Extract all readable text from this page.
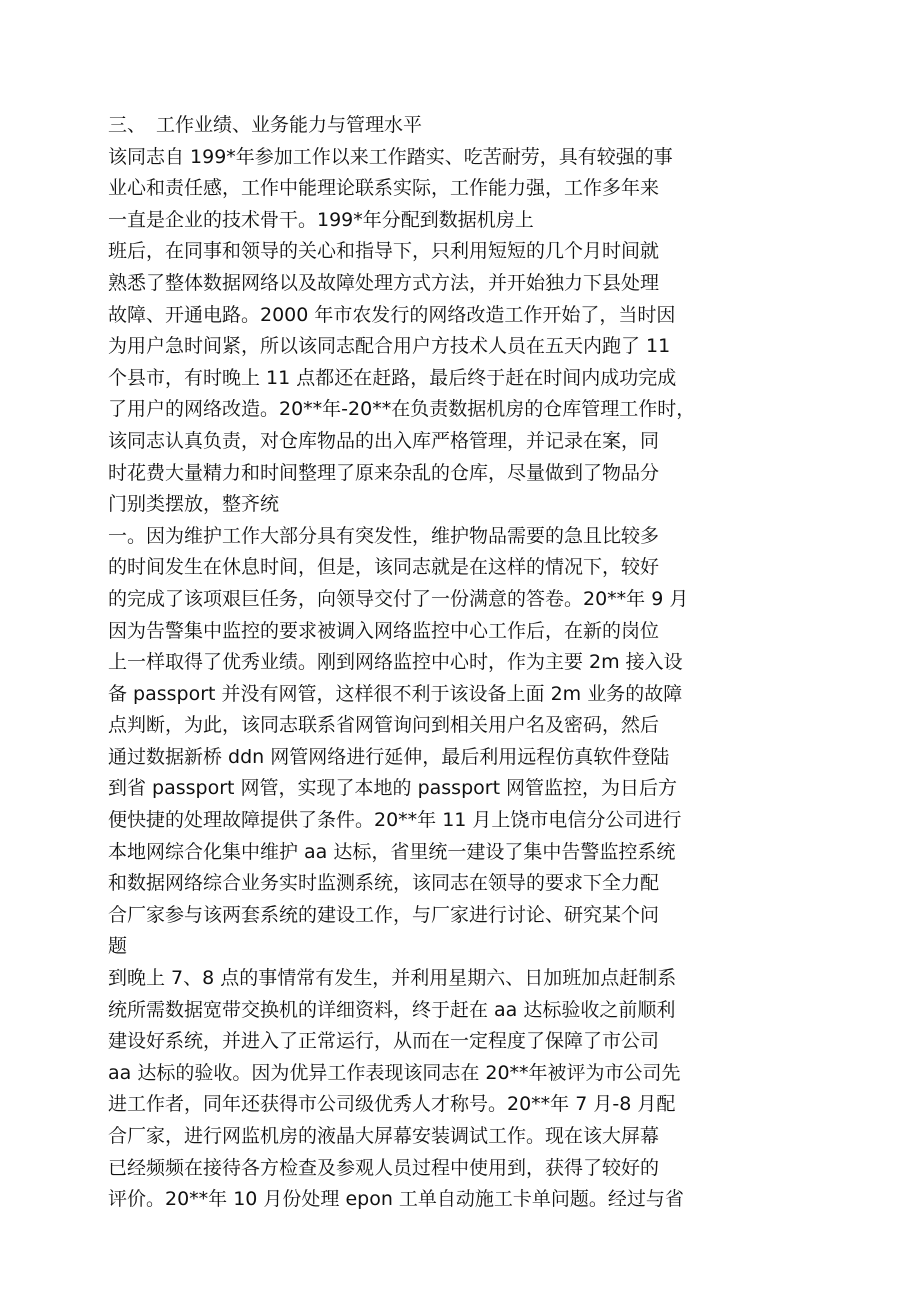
三、 工作业绩、业务能力与管理水平
该同志自 199*年参加工作以来工作踏实、吃苦耐劳，具有较强的事
业心和责任感，工作中能理论联系实际，工作能力强，工作多年来
一直是企业的技术骨干。199*年分配到数据机房上
班后，在同事和领导的关心和指导下，只利用短短的几个月时间就
熟悉了整体数据网络以及故障处理方式方法，并开始独力下县处理
故障、开通电路。2000 年市农发行的网络改造工作开始了，当时因
为用户急时间紧，所以该同志配合用户方技术人员在五天内跑了 11
个县市，有时晚上 11 点都还在赶路，最后终于赶在时间内成功完成
了用户的网络改造。20**年-20**在负责数据机房的仓库管理工作时，
该同志认真负责，对仓库物品的出入库严格管理，并记录在案，同
时花费大量精力和时间整理了原来杂乱的仓库，尽量做到了物品分
门别类摆放，整齐统
一。因为维护工作大部分具有突发性，维护物品需要的急且比较多
的时间发生在休息时间，但是，该同志就是在这样的情况下，较好
的完成了该项艰巨任务，向领导交付了一份满意的答卷。20**年 9 月
因为告警集中监控的要求被调入网络监控中心工作后，在新的岗位
上一样取得了优秀业绩。刚到网络监控中心时，作为主要 2m 接入设
备 passport 并没有网管，这样很不利于该设备上面 2m 业务的故障
点判断，为此，该同志联系省网管询问到相关用户名及密码，然后
通过数据新桥 ddn 网管网络进行延伸，最后利用远程仿真软件登陆
到省 passport 网管，实现了本地的 passport 网管监控，为日后方
便快捷的处理故障提供了条件。20**年 11 月上饶市电信分公司进行
本地网综合化集中维护 aa 达标，省里统一建设了集中告警监控系统
和数据网络综合业务实时监测系统，该同志在领导的要求下全力配
合厂家参与该两套系统的建设工作，与厂家进行讨论、研究某个问
题
到晚上 7、8 点的事情常有发生，并利用星期六、日加班加点赶制系
统所需数据宽带交换机的详细资料，终于赶在 aa 达标验收之前顺利
建设好系统，并进入了正常运行，从而在一定程度了保障了市公司
aa 达标的验收。因为优异工作表现该同志在 20**年被评为市公司先
进工作者，同年还获得市公司级优秀人才称号。20**年 7 月-8 月配
合厂家，进行网监机房的液晶大屏幕安装调试工作。现在该大屏幕
已经频频在接待各方检查及参观人员过程中使用到，获得了较好的
评价。20**年 10 月份处理 epon 工单自动施工卡单问题。经过与省
